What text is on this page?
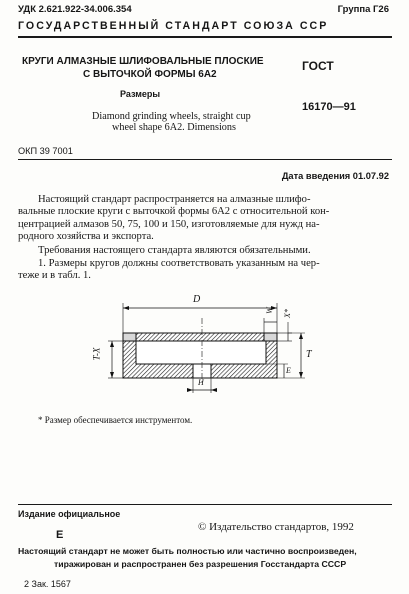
УДК 2.621.922-34.006.354	Группа Г26
ГОСУДАРСТВЕННЫЙ СТАНДАРТ СОЮЗА ССР
КРУГИ АЛМАЗНЫЕ ШЛИФОВАЛЬНЫЕ ПЛОСКИЕ
С ВЫТОЧКОЙ ФОРМЫ 6А2
Размеры
Diamond grinding wheels, straight cup
wheel shape 6A2. Dimensions
ГОСТ
16170—91
ОКП 39 7001
Дата введения 01.07.92
Настоящий стандарт распространяется на алмазные шлифо-
вальные плоские круги с выточкой формы 6А2 с относительной кон-
центрацией алмазов 50, 75, 100 и 150, изготовляемые для нужд на-
родного хозяйства и экспорта.
Требования настоящего стандарта являются обязательными.
1. Размеры кругов должны соответствовать указанным на чер-
теже и в табл. 1.
D
W X*
T
E
H
T-X
* Размер обеспечивается инструментом.
Издание официальное
Е
© Издательство стандартов, 1992
Настоящий стандарт не может быть полностью или частично воспроизведен,
тиражирован и распространен без разрешения Госстандарта СССР
2 Зак. 1567
